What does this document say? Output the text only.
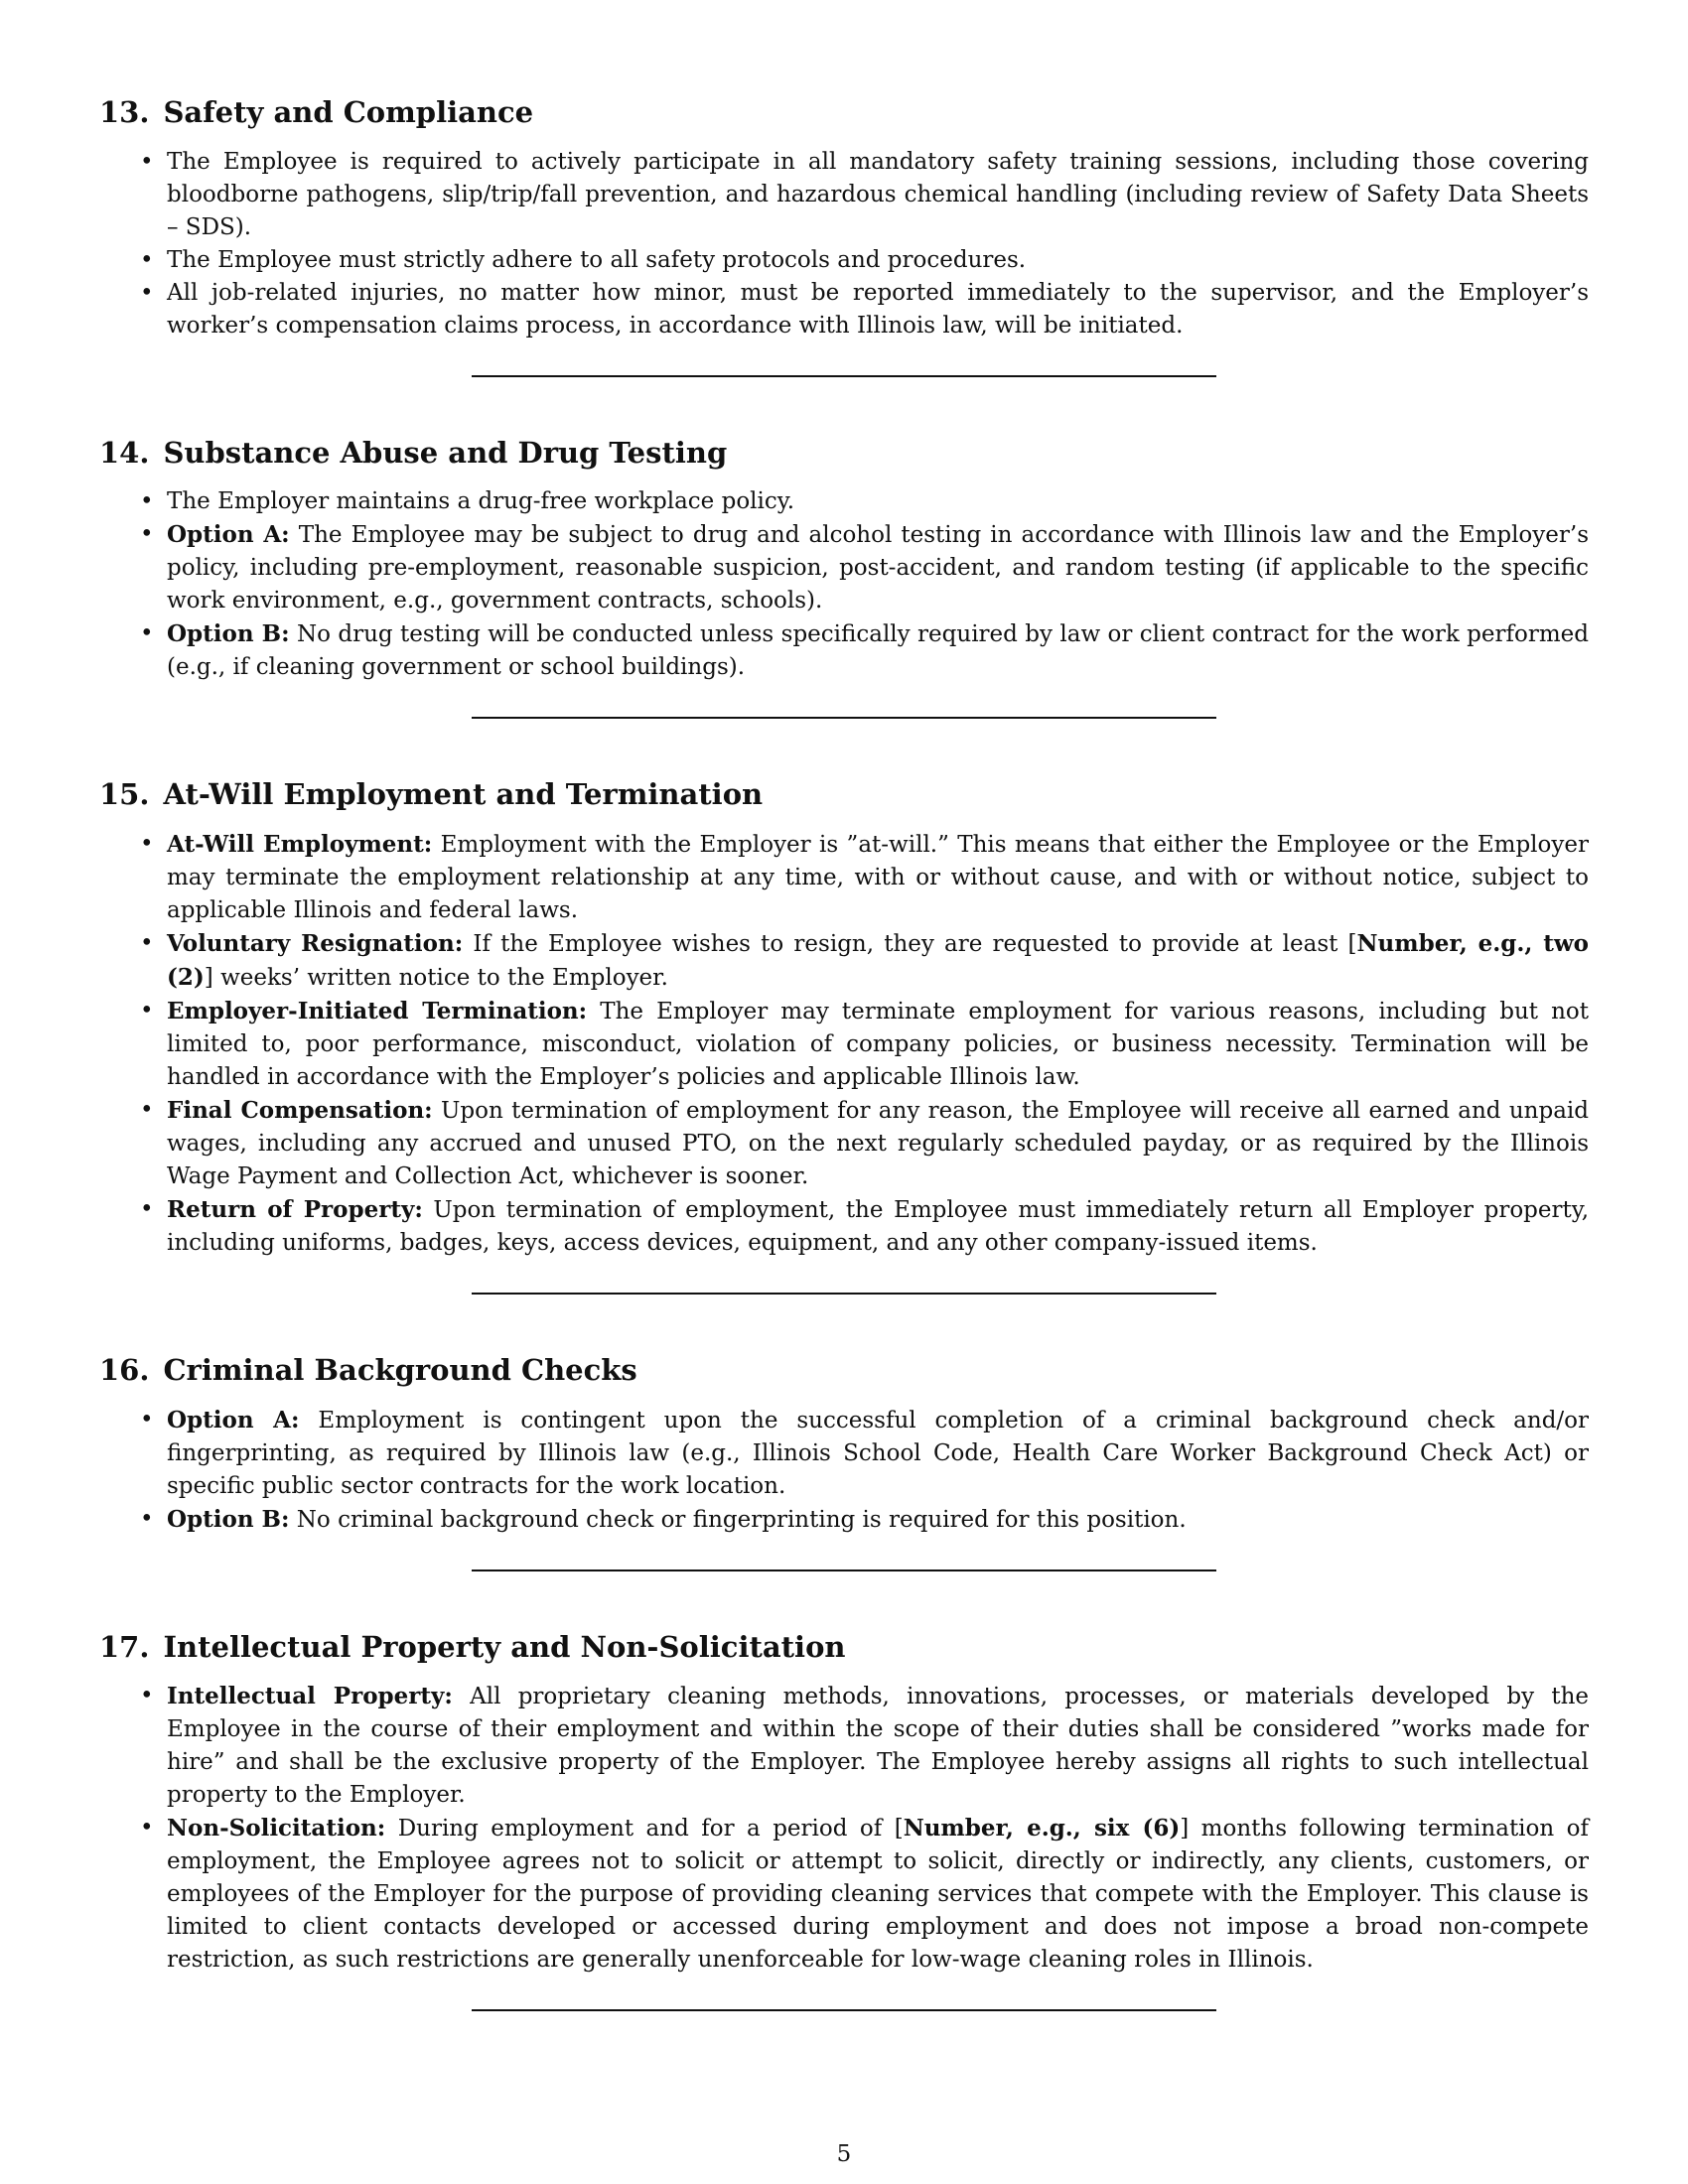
13. Safety and Compliance
• The Employee is required to actively participate in all mandatory safety training sessions, including those covering bloodborne pathogens, slip/trip/fall prevention, and hazardous chemical handling (including review of Safety Data Sheets – SDS).
• The Employee must strictly adhere to all safety protocols and procedures.
• All job-related injuries, no matter how minor, must be reported immediately to the supervisor, and the Employer’s worker’s compensation claims process, in accordance with Illinois law, will be initiated.
14. Substance Abuse and Drug Testing
• The Employer maintains a drug-free workplace policy.
• Option A: The Employee may be subject to drug and alcohol testing in accordance with Illinois law and the Employer’s policy, including pre-employment, reasonable suspicion, post-accident, and random testing (if applicable to the specific work environment, e.g., government contracts, schools).
• Option B: No drug testing will be conducted unless specifically required by law or client contract for the work performed (e.g., if cleaning government or school buildings).
15. At-Will Employment and Termination
• At-Will Employment: Employment with the Employer is ”at-will.” This means that either the Employee or the Employer may terminate the employment relationship at any time, with or without cause, and with or without notice, subject to applicable Illinois and federal laws.
• Voluntary Resignation: If the Employee wishes to resign, they are requested to provide at least [Number, e.g., two (2)] weeks’ written notice to the Employer.
• Employer-Initiated Termination: The Employer may terminate employment for various reasons, including but not limited to, poor performance, misconduct, violation of company policies, or business necessity. Termination will be handled in accordance with the Employer’s policies and applicable Illinois law.
• Final Compensation: Upon termination of employment for any reason, the Employee will receive all earned and unpaid wages, including any accrued and unused PTO, on the next regularly scheduled payday, or as required by the Illinois Wage Payment and Collection Act, whichever is sooner.
• Return of Property: Upon termination of employment, the Employee must immediately return all Employer property, including uniforms, badges, keys, access devices, equipment, and any other company-issued items.
16. Criminal Background Checks
• Option A: Employment is contingent upon the successful completion of a criminal background check and/or fingerprinting, as required by Illinois law (e.g., Illinois School Code, Health Care Worker Background Check Act) or specific public sector contracts for the work location.
• Option B: No criminal background check or fingerprinting is required for this position.
17. Intellectual Property and Non-Solicitation
• Intellectual Property: All proprietary cleaning methods, innovations, processes, or materials developed by the Employee in the course of their employment and within the scope of their duties shall be considered ”works made for hire” and shall be the exclusive property of the Employer. The Employee hereby assigns all rights to such intellectual property to the Employer.
• Non-Solicitation: During employment and for a period of [Number, e.g., six (6)] months following termination of employment, the Employee agrees not to solicit or attempt to solicit, directly or indirectly, any clients, customers, or employees of the Employer for the purpose of providing cleaning services that compete with the Employer. This clause is limited to client contacts developed or accessed during employment and does not impose a broad non-compete restriction, as such restrictions are generally unenforceable for low-wage cleaning roles in Illinois.
5
